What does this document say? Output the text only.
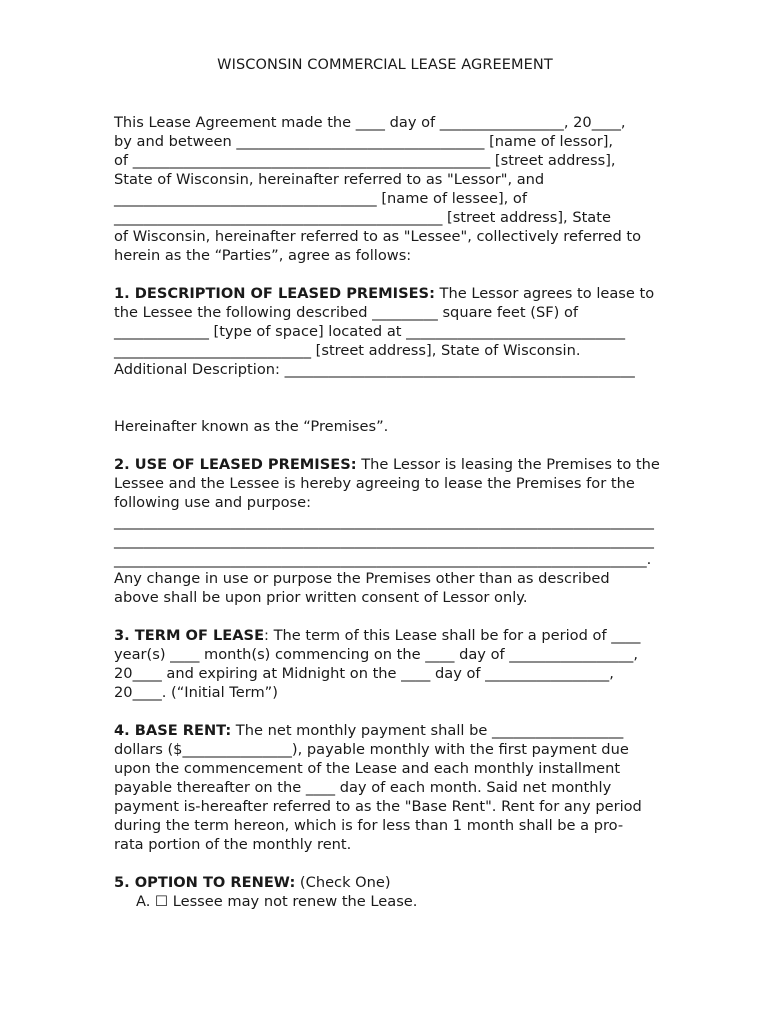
WISCONSIN COMMERCIAL LEASE AGREEMENT
This Lease Agreement made the ____ day of _________________, 20____,
by and between __________________________________ [name of lessor],
of _________________________________________________ [street address],
State of Wisconsin, hereinafter referred to as "Lessor", and
____________________________________ [name of lessee], of
_____________________________________________ [street address], State
of Wisconsin, hereinafter referred to as "Lessee", collectively referred to
herein as the “Parties”, agree as follows:
1. DESCRIPTION OF LEASED PREMISES: The Lessor agrees to lease to
the Lessee the following described _________ square feet (SF) of
_____________ [type of space] located at ______________________________
___________________________ [street address], State of Wisconsin.
Additional Description: ________________________________________________
Hereinafter known as the “Premises”.
2. USE OF LEASED PREMISES: The Lessor is leasing the Premises to the
Lessee and the Lessee is hereby agreeing to lease the Premises for the
following use and purpose:
__________________________________________________________________________
__________________________________________________________________________
_________________________________________________________________________.
Any change in use or purpose the Premises other than as described
above shall be upon prior written consent of Lessor only.
3. TERM OF LEASE: The term of this Lease shall be for a period of ____
year(s) ____ month(s) commencing on the ____ day of _________________,
20____ and expiring at Midnight on the ____ day of _________________,
20____. (“Initial Term”)
4. BASE RENT: The net monthly payment shall be __________________
dollars ($_______________), payable monthly with the first payment due
upon the commencement of the Lease and each monthly installment
payable thereafter on the ____ day of each month. Said net monthly
payment is-hereafter referred to as the "Base Rent". Rent for any period
during the term hereon, which is for less than 1 month shall be a pro-
rata portion of the monthly rent.
5. OPTION TO RENEW: (Check One)
A. ☐ Lessee may not renew the Lease.
